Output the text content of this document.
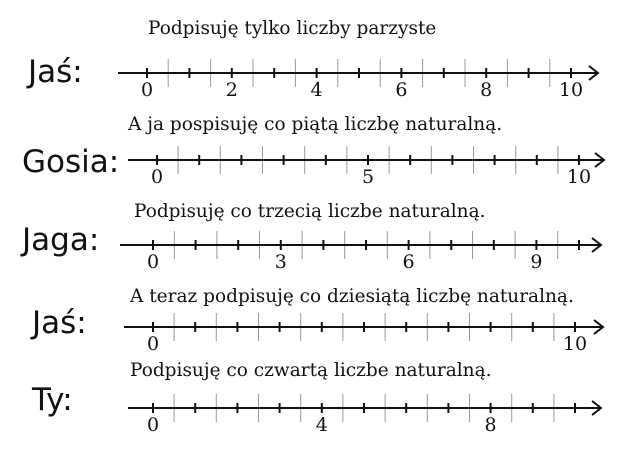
Jaś:
Podpisuję tylko liczby parzyste
0	2	4	6	8	10
Gosia:
A ja pospisuję co piątą liczbę naturalną.
0	5	10
Jaga:
Podpisuję co trzecią liczbe naturalną.
0	3	6	9
Jaś:
A teraz podpisuję co dziesiątą liczbę naturalną.
0	10
Ty:
Podpisuję co czwartą liczbe naturalną.
0	4	8
